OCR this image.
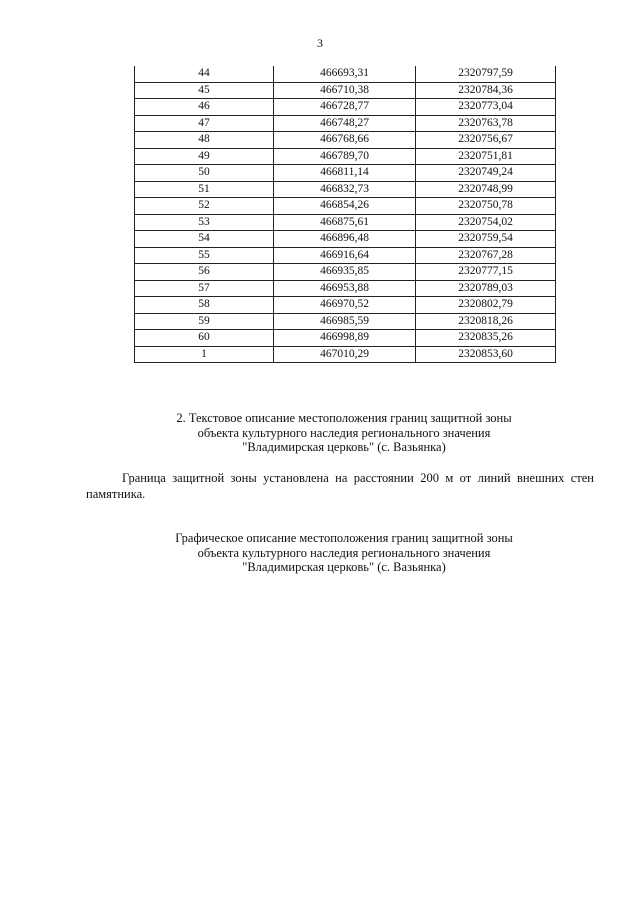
3
44	466693,31	2320797,59
45	466710,38	2320784,36
46	466728,77	2320773,04
47	466748,27	2320763,78
48	466768,66	2320756,67
49	466789,70	2320751,81
50	466811,14	2320749,24
51	466832,73	2320748,99
52	466854,26	2320750,78
53	466875,61	2320754,02
54	466896,48	2320759,54
55	466916,64	2320767,28
56	466935,85	2320777,15
57	466953,88	2320789,03
58	466970,52	2320802,79
59	466985,59	2320818,26
60	466998,89	2320835,26
1	467010,29	2320853,60
2. Текстовое описание местоположения границ защитной зоны
объекта культурного наследия регионального значения
"Владимирская церковь" (с. Вазьянка)
Граница защитной зоны установлена на расстоянии 200 м от линий внешних стен памятника.
Графическое описание местоположения границ защитной зоны
объекта культурного наследия регионального значения
"Владимирская церковь" (с. Вазьянка)
